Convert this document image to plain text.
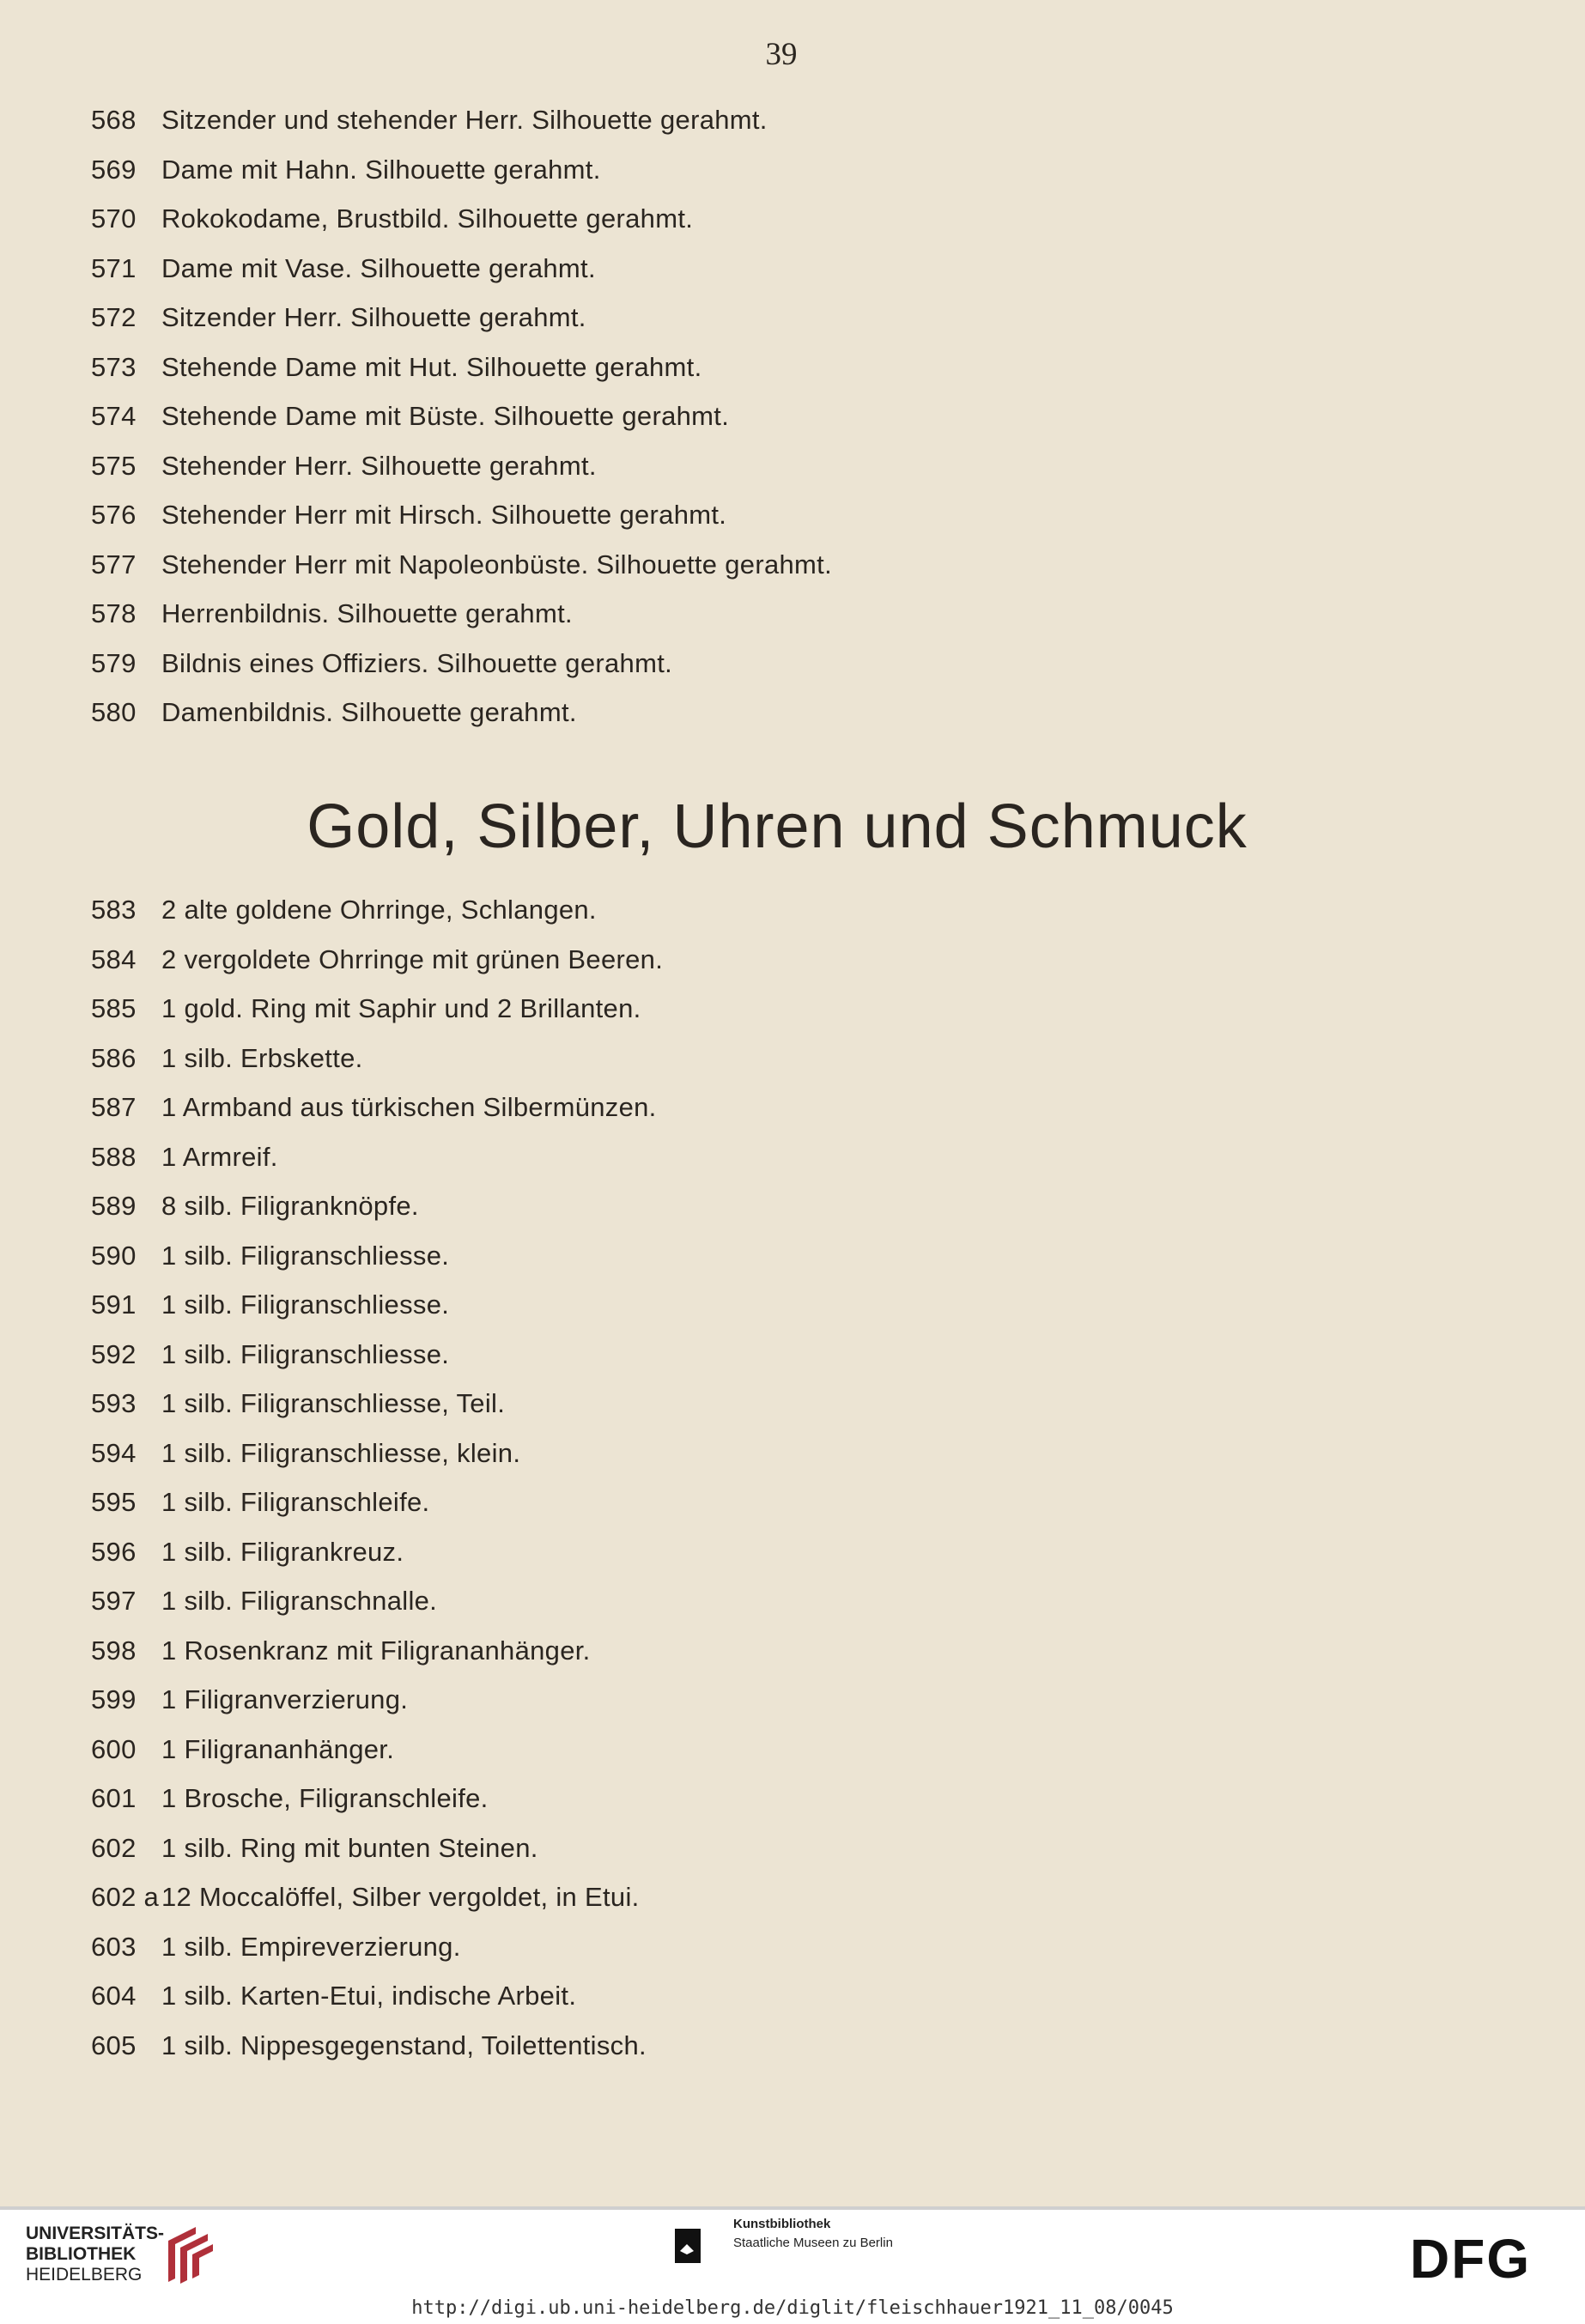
39
568 Sitzender und stehender Herr. Silhouette gerahmt.
569 Dame mit Hahn. Silhouette gerahmt.
570 Rokokodame, Brustbild. Silhouette gerahmt.
571 Dame mit Vase. Silhouette gerahmt.
572 Sitzender Herr. Silhouette gerahmt.
573 Stehende Dame mit Hut. Silhouette gerahmt.
574 Stehende Dame mit Büste. Silhouette gerahmt.
575 Stehender Herr. Silhouette gerahmt.
576 Stehender Herr mit Hirsch. Silhouette gerahmt.
577 Stehender Herr mit Napoleonbüste. Silhouette gerahmt.
578 Herrenbildnis. Silhouette gerahmt.
579 Bildnis eines Offiziers. Silhouette gerahmt.
580 Damenbildnis. Silhouette gerahmt.
Gold, Silber, Uhren und Schmuck
583 2 alte goldene Ohrringe, Schlangen.
584 2 vergoldete Ohrringe mit grünen Beeren.
585 1 gold. Ring mit Saphir und 2 Brillanten.
586 1 silb. Erbskette.
587 1 Armband aus türkischen Silbermünzen.
588 1 Armreif.
589 8 silb. Filigranknöpfe.
590 1 silb. Filigranschliesse.
591 1 silb. Filigranschliesse.
592 1 silb. Filigranschliesse.
593 1 silb. Filigranschliesse, Teil.
594 1 silb. Filigranschliesse, klein.
595 1 silb. Filigranschleife.
596 1 silb. Filigrankreuz.
597 1 silb. Filigranschnalle.
598 1 Rosenkranz mit Filigrananhänger.
599 1 Filigranverzierung.
600 1 Filigrananhänger.
601 1 Brosche, Filigranschleife.
602 1 silb. Ring mit bunten Steinen.
602 a 12 Moccalöffel, Silber vergoldet, in Etui.
603 1 silb. Empireverzierung.
604 1 silb. Karten-Etui, indische Arbeit.
605 1 silb. Nippesgegenstand, Toilettentisch.
UNIVERSITÄTS-
BIBLIOTHEK
HEIDELBERG
Kunstbibliothek
Staatliche Museen zu Berlin	DFG
http://digi.ub.uni-heidelberg.de/diglit/fleischhauer1921_11_08/0045
